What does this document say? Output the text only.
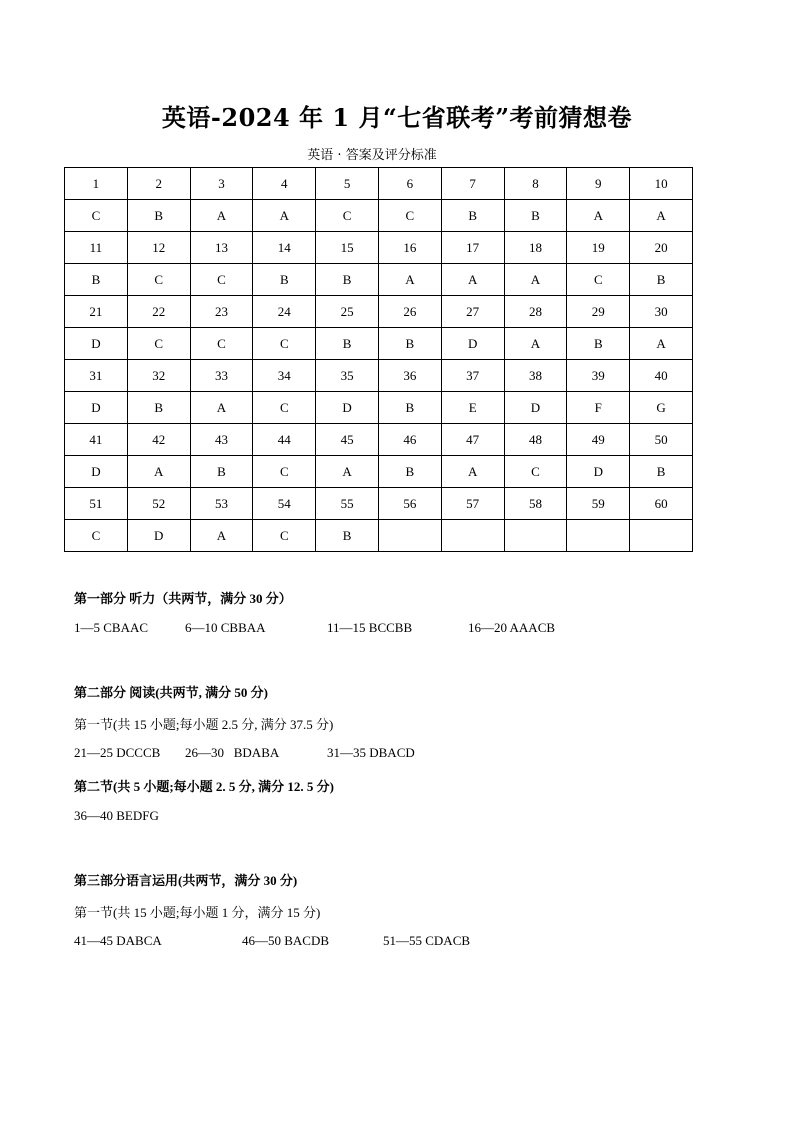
英语-2024 年 1 月“七省联考”考前猜想卷
英语 · 答案及评分标准
1	2	3	4	5	6	7	8	9	10
C	B	A	A	C	C	B	B	A	A
11	12	13	14	15	16	17	18	19	20
B	C	C	B	B	A	A	A	C	B
21	22	23	24	25	26	27	28	29	30
D	C	C	C	B	B	D	A	B	A
31	32	33	34	35	36	37	38	39	40
D	B	A	C	D	B	E	D	F	G
41	42	43	44	45	46	47	48	49	50
D	A	B	C	A	B	A	C	D	B
51	52	53	54	55	56	57	58	59	60
C	D	A	C	B					
第一部分 听力（共两节，满分 30 分）
1—5 CBAAC	6—10 CBBAA	11—15 BCCBB	16—20 AAACB
第二部分 阅读(共两节, 满分 50 分)
第一节(共 15 小题;每小题 2.5 分, 满分 37.5 分)
21—25 DCCCB 26—30   BDABA	31—35 DBACD
第二节(共 5 小题;每小题 2. 5 分, 满分 12. 5 分)
36—40 BEDFG
第三部分语言运用(共两节，满分 30 分)
第一节(共 15 小题;每小题 1 分，满分 15 分)
41—45 DABCA	46—50 BACDB	51—55 CDACB
